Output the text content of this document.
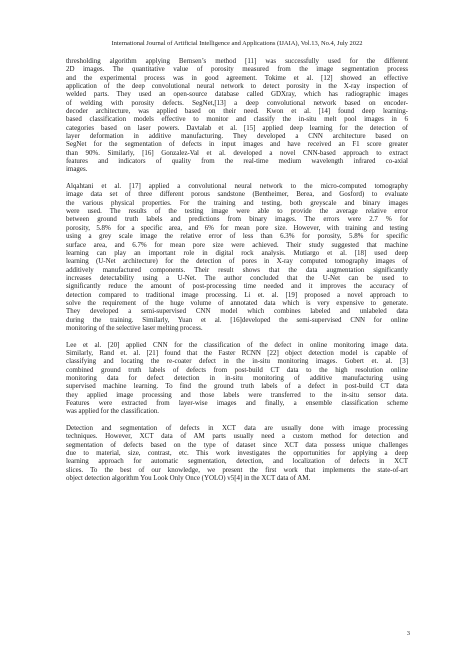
International Journal of Artificial Intelligence and Applications (IJAIA), Vol.13, No.4, July 2022

thresholding algorithm applying Bernsen’s method [11] was successfully used for the different
2D images. The quantitative value of porosity measured from the image segmentation process
and the experimental process was in good agreement. Tokime et al. [12] showed an effective
application of the deep convolutional neural network to detect porosity in the X-ray inspection of
welded parts. They used an open-source database called GDXray, which has radiographic images
of welding with porosity defects. SegNet,[13] a deep convolutional network based on encoder-
decoder architecture, was applied based on their need. Kwon et al. [14] found deep learning-
based classification models effective to monitor and classify the in-situ melt pool images in 6
categories based on laser powers. Davtalab et al. [15] applied deep learning for the detection of
layer deformation in additive manufacturing. They developed a CNN architecture based on
SegNet for the segmentation of defects in input images and have received an F1 score greater
than 90%. Similarly, [16] Gonzalez-Val et al. developed a novel CNN-based approach to extract
features and indicators of quality from the real-time medium wavelength infrared co-axial
images.

Alqahtani et al. [17] applied a convolutional neural network to the micro-computed tomography
image data set of three different porous sandstone (Bentheimer, Berea, and Gosford) to evaluate
the various physical properties. For the training and testing, both greyscale and binary images
were used. The results of the testing image were able to provide the average relative error
between ground truth labels and predictions from binary images. The errors were 2.7 % for
porosity, 5.8% for a specific area, and 6% for mean pore size. However, with training and testing
using a grey scale image the relative error of less than 6.3% for porosity, 5.8% for specific
surface area, and 6.7% for mean pore size were achieved. Their study suggested that machine
learning can play an important role in digital rock analysis. Mutiargo et al. [18] used deep
learning (U-Net architecture) for the detection of pores in X-ray computed tomography images of
additively manufactured components. Their result shows that the data augmentation significantly
increases detectability using a U-Net. The author concluded that the U-Net can be used to
significantly reduce the amount of post-processing time needed and it improves the accuracy of
detection compared to traditional image processing. Li et. al. [19] proposed a novel approach to
solve the requirement of the huge volume of annotated data which is very expensive to generate.
They developed a semi-supervised CNN model which combines labeled and unlabeled data
during the training. Similarly, Yuan et al. [16]developed the semi-supervised CNN for online
monitoring of the selective laser melting process.

Lee et al. [20] applied CNN for the classification of the defect in online monitoring image data.
Similarly, Rand et. al. [21] found that the Faster RCNN [22] object detection model is capable of
classifying and locating the re-coater defect in the in-situ monitoring images. Gobert et. al. [3]
combined ground truth labels of defects from post-build CT data to the high resolution online
monitoring data for defect detection in in-situ monitoring of additive manufacturing using
supervised machine learning. To find the ground truth labels of a defect in post-build CT data
they applied image processing and those labels were transferred to the in-situ sensor data.
Features were extracted from layer-wise images and finally, a ensemble classification scheme
was applied for the classification.

Detection and segmentation of defects in XCT data are usually done with image processing
techniques. However, XCT data of AM parts usually need a custom method for detection and
segmentation of defects based on the type of dataset since XCT data possess unique challenges
due to material, size, contrast, etc. This work investigates the opportunities for applying a deep
learning approach for automatic segmentation, detection, and localization of defects in XCT
slices. To the best of our knowledge, we present the first work that implements the state-of-art
object detection algorithm You Look Only Once (YOLO) v5[4] in the XCT data of AM.

3
